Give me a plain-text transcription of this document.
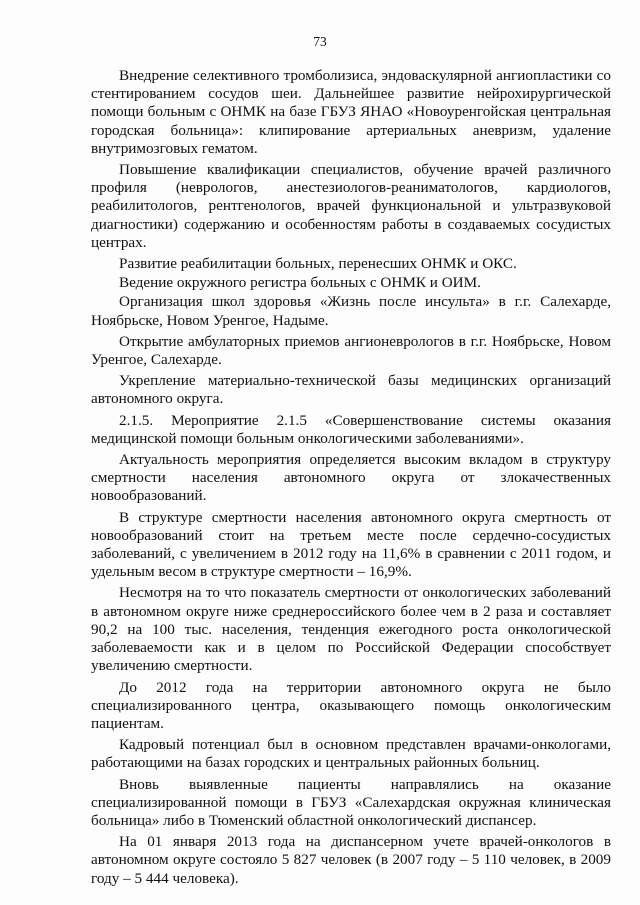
73

Внедрение селективного тромболизиса, эндоваскулярной ангиопластики со стентированием сосудов шеи. Дальнейшее развитие нейрохирургической помощи больным с ОНМК на базе ГБУЗ ЯНАО «Новоуренгойская центральная городская больница»: клипирование артериальных аневризм, удаление внутримозговых гематом.

Повышение квалификации специалистов, обучение врачей различного профиля (неврологов, анестезиологов-реаниматологов, кардиологов, реабилитологов, рентгенологов, врачей функциональной и ультразвуковой диагностики) содержанию и особенностям работы в создаваемых сосудистых центрах.

Развитие реабилитации больных, перенесших ОНМК и ОКС.

Ведение окружного регистра больных с ОНМК и ОИМ.

Организация школ здоровья «Жизнь после инсульта» в г.г. Салехарде, Ноябрьске, Новом Уренгое, Надыме.

Открытие амбулаторных приемов ангионеврологов в г.г. Ноябрьске, Новом Уренгое, Салехарде.

Укрепление материально-технической базы медицинских организаций автономного округа.

2.1.5. Мероприятие 2.1.5 «Совершенствование системы оказания медицинской помощи больным онкологическими заболеваниями».

Актуальность мероприятия определяется высоким вкладом в структуру смертности населения автономного округа от злокачественных новообразований.

В структуре смертности населения автономного округа смертность от новообразований стоит на третьем месте после сердечно-сосудистых заболеваний, с увеличением в 2012 году на 11,6% в сравнении с 2011 годом, и удельным весом в структуре смертности – 16,9%.

Несмотря на то что показатель смертности от онкологических заболеваний в автономном округе ниже среднероссийского более чем в 2 раза и составляет 90,2 на 100 тыс. населения, тенденция ежегодного роста онкологической заболеваемости как и в целом по Российской Федерации способствует увеличению смертности.

До 2012 года на территории автономного округа не было специализированного центра, оказывающего помощь онкологическим пациентам.

Кадровый потенциал был в основном представлен врачами-онкологами, работающими на базах городских и центральных районных больниц.

Вновь выявленные пациенты направлялись на оказание специализированной помощи в ГБУЗ «Салехардская окружная клиническая больница» либо в Тюменский областной онкологический диспансер.

На 01 января 2013 года на диспансерном учете врачей-онкологов в автономном округе состояло 5 827 человек (в 2007 году – 5 110 человек, в 2009 году – 5 444 человека).
